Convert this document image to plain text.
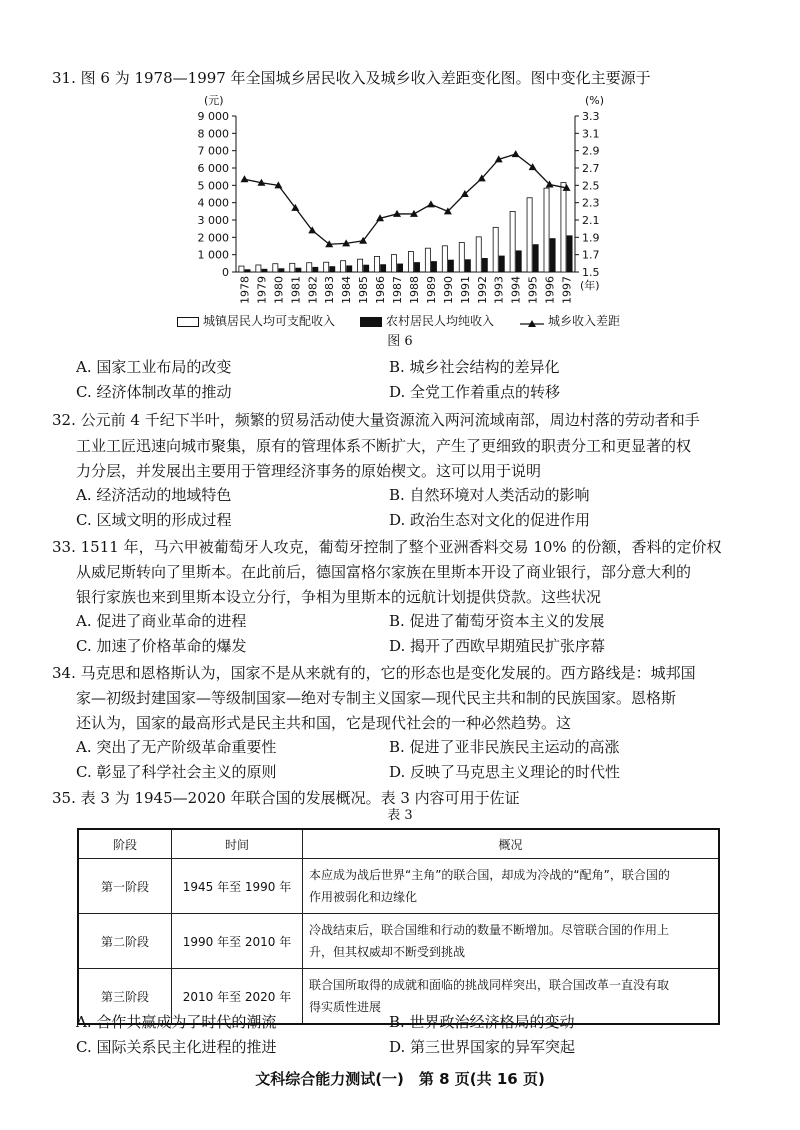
31. 图 6 为 1978—1997 年全国城乡居民收入及城乡收入差距变化图。图中变化主要源于
(元)	(%)
0
1 000
2 000
3 000
4 000
5 000
6 000
7 000
8 000
9 000
1.5
1.7
1.9
2.1
2.3
2.5
2.7
2.9
3.1
3.3
1978 1979 1980 1981 1982 1983 1984 1985 1986 1987 1988 1989 1990 1991 1992 1993 1994 1995 1996 1997 (年)
城镇居民人均可支配收入	农村居民人均纯收入	城乡收入差距
图 6
A. 国家工业布局的改变	B. 城乡社会结构的差异化
C. 经济体制改革的推动	D. 全党工作着重点的转移
32. 公元前 4 千纪下半叶，频繁的贸易活动使大量资源流入两河流域南部，周边村落的劳动者和手
工业工匠迅速向城市聚集，原有的管理体系不断扩大，产生了更细致的职责分工和更显著的权
力分层，并发展出主要用于管理经济事务的原始楔文。这可以用于说明
A. 经济活动的地域特色	B. 自然环境对人类活动的影响
C. 区域文明的形成过程	D. 政治生态对文化的促进作用
33. 1511 年，马六甲被葡萄牙人攻克，葡萄牙控制了整个亚洲香料交易 10% 的份额，香料的定价权
从威尼斯转向了里斯本。在此前后，德国富格尔家族在里斯本开设了商业银行，部分意大利的
银行家族也来到里斯本设立分行，争相为里斯本的远航计划提供贷款。这些状况
A. 促进了商业革命的进程	B. 促进了葡萄牙资本主义的发展
C. 加速了价格革命的爆发	D. 揭开了西欧早期殖民扩张序幕
34. 马克思和恩格斯认为，国家不是从来就有的，它的形态也是变化发展的。西方路线是：城邦国
家—初级封建国家—等级制国家—绝对专制主义国家—现代民主共和制的民族国家。恩格斯
还认为，国家的最高形式是民主共和国，它是现代社会的一种必然趋势。这
A. 突出了无产阶级革命重要性	B. 促进了亚非民族民主运动的高涨
C. 彰显了科学社会主义的原则	D. 反映了马克思主义理论的时代性
35. 表 3 为 1945—2020 年联合国的发展概况。表 3 内容可用于佐证
表 3
阶段	时间	概况
第一阶段	1945 年至 1990 年	本应成为战后世界“主角”的联合国，却成为冷战的“配角”，联合国的
作用被弱化和边缘化

第二阶段	1990 年至 2010 年	冷战结束后，联合国维和行动的数量不断增加。尽管联合国的作用上
升，但其权威却不断受到挑战

第三阶段	2010 年至 2020 年	联合国所取得的成就和面临的挑战同样突出，联合国改革一直没有取
得实质性进展
A. 合作共赢成为了时代的潮流	B. 世界政治经济格局的变动
C. 国际关系民主化进程的推进	D. 第三世界国家的异军突起
文科综合能力测试(一)　第 8 页(共 16 页)
